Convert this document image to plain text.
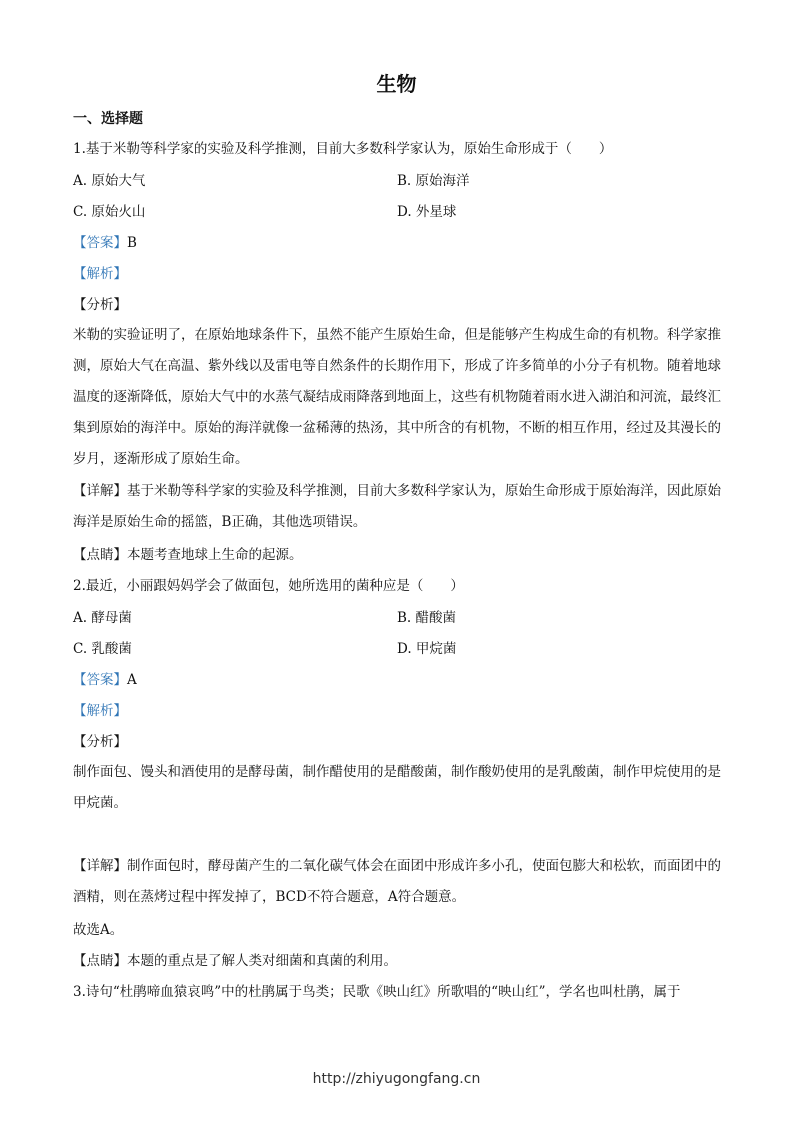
生物
一、选择题
1.基于米勒等科学家的实验及科学推测，目前大多数科学家认为，原始生命形成于（　　）
A. 原始大气	B. 原始海洋
C. 原始火山	D. 外星球
【答案】B
【解析】
【分析】
米勒的实验证明了，在原始地球条件下，虽然不能产生原始生命，但是能够产生构成生命的有机物。科学家推测，原始大气在高温、紫外线以及雷电等自然条件的长期作用下，形成了许多简单的小分子有机物。随着地球温度的逐渐降低，原始大气中的水蒸气凝结成雨降落到地面上，这些有机物随着雨水进入湖泊和河流，最终汇集到原始的海洋中。原始的海洋就像一盆稀薄的热汤，其中所含的有机物，不断的相互作用，经过及其漫长的岁月，逐渐形成了原始生命。
【详解】基于米勒等科学家的实验及科学推测，目前大多数科学家认为，原始生命形成于原始海洋，因此原始海洋是原始生命的摇篮，B正确，其他选项错误。
【点睛】本题考查地球上生命的起源。
2.最近，小丽跟妈妈学会了做面包，她所选用的菌种应是（　　）
A. 酵母菌	B. 醋酸菌
C. 乳酸菌	D. 甲烷菌
【答案】A
【解析】
【分析】
制作面包、馒头和酒使用的是酵母菌，制作醋使用的是醋酸菌，制作酸奶使用的是乳酸菌，制作甲烷使用的是甲烷菌。
【详解】制作面包时，酵母菌产生的二氧化碳气体会在面团中形成许多小孔，使面包膨大和松软，而面团中的酒精，则在蒸烤过程中挥发掉了，BCD不符合题意，A符合题意。
故选A。
【点睛】本题的重点是了解人类对细菌和真菌的利用。
3.诗句“杜鹃啼血猿哀鸣”中的杜鹃属于鸟类；民歌《映山红》所歌唱的“映山红”，学名也叫杜鹃，属于
http://zhiyugongfang.cn
